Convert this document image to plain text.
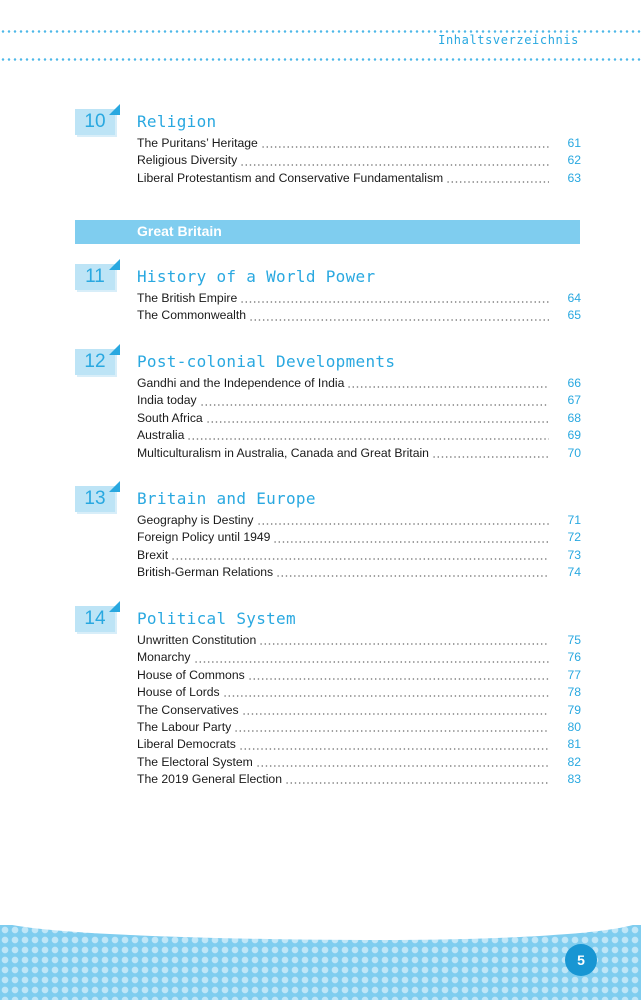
Inhaltsverzeichnis
10	Religion
The Puritans’ Heritage	61
Religious Diversity	62
Liberal Protestantism and Conservative Fundamentalism	63
Great Britain
11	History of a World Power
The British Empire	64
The Commonwealth	65
12	Post-colonial Developments
Gandhi and the Independence of India	66
India today	67
South Africa	68
Australia	69
Multiculturalism in Australia, Canada and Great Britain	70
13	Britain and Europe
Geography is Destiny	71
Foreign Policy until 1949	72
Brexit	73
British-German Relations	74
14	Political System
Unwritten Constitution	75
Monarchy	76
House of Commons	77
House of Lords	78
The Conservatives	79
The Labour Party	80
Liberal Democrats	81
The Electoral System	82
The 2019 General Election	83
5
